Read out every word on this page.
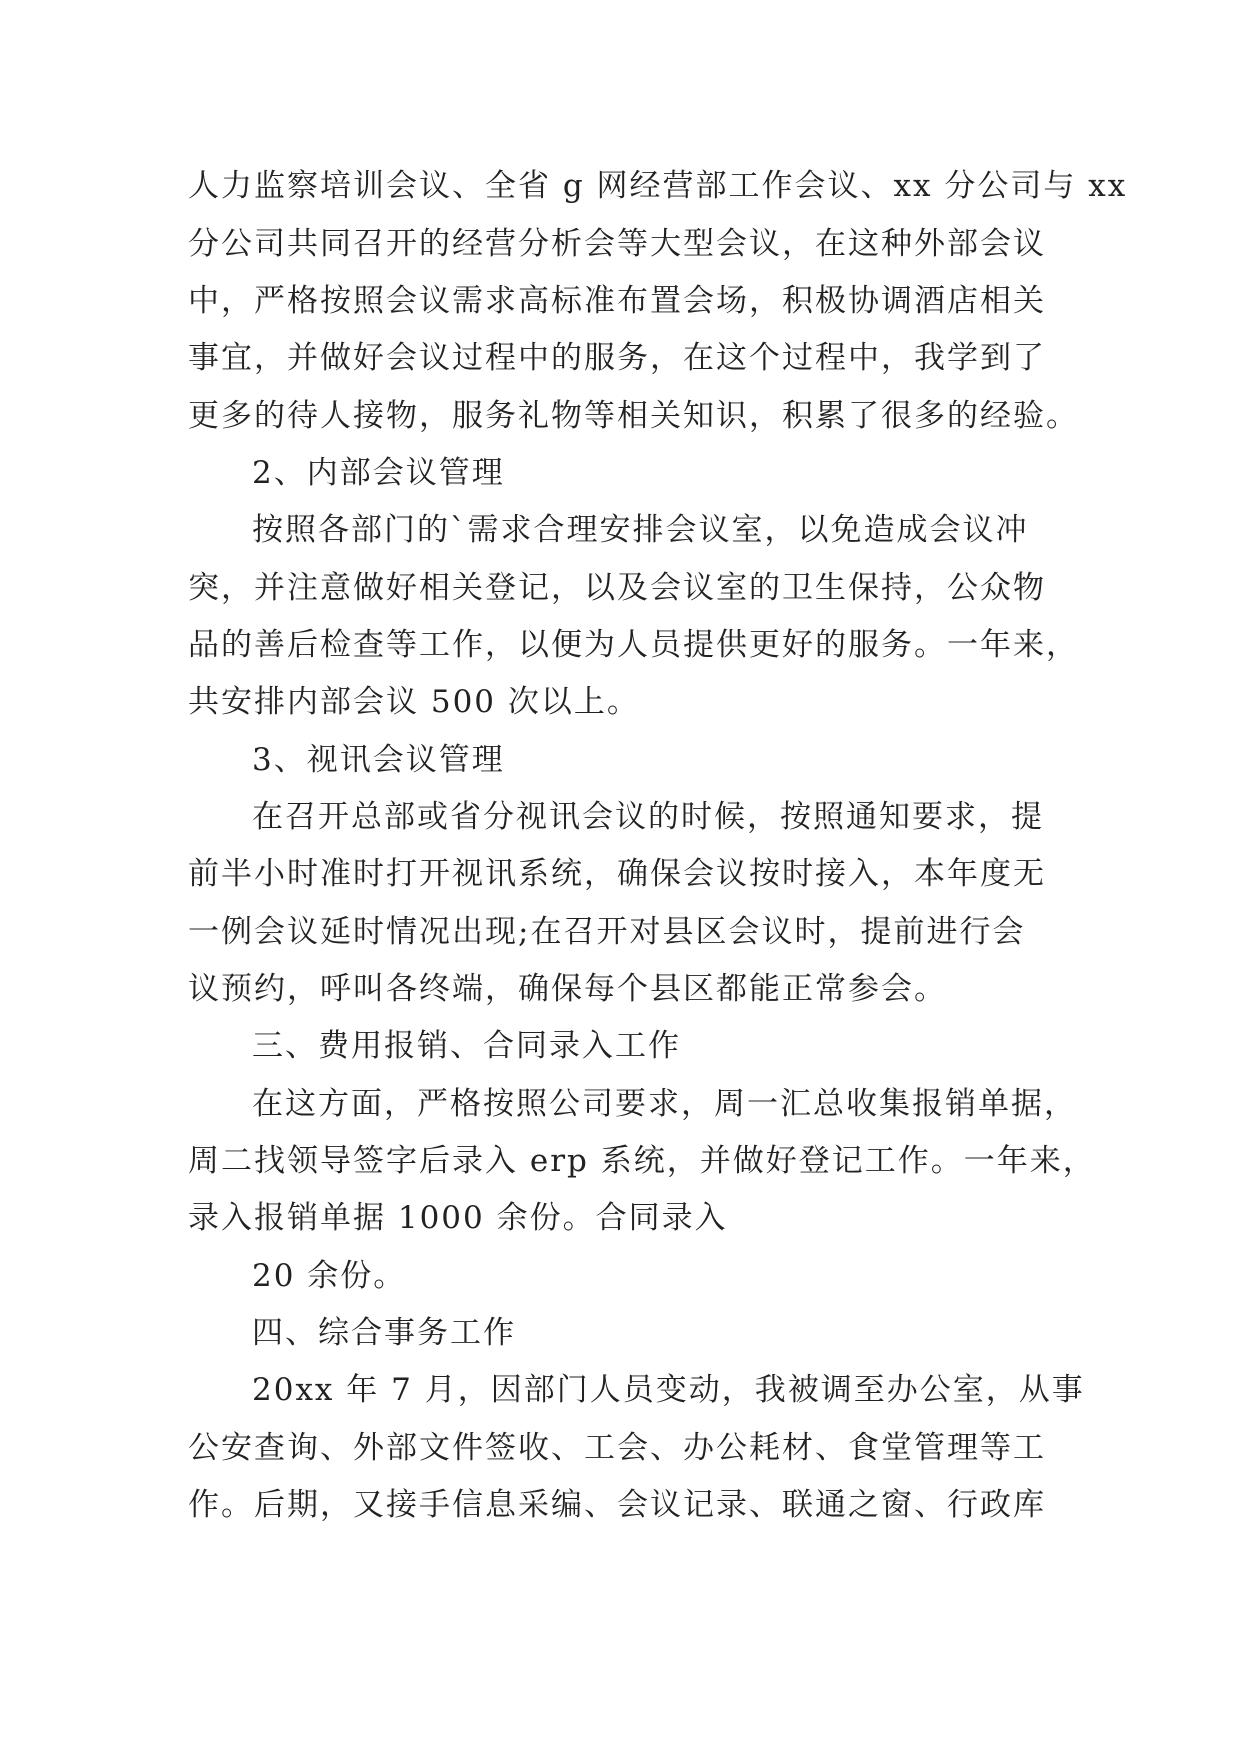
人力监察培训会议、全省 g 网经营部工作会议、xx 分公司与 xx
分公司共同召开的经营分析会等大型会议，在这种外部会议
中，严格按照会议需求高标准布置会场，积极协调酒店相关
事宜，并做好会议过程中的服务，在这个过程中，我学到了
更多的待人接物，服务礼物等相关知识，积累了很多的经验。
2、内部会议管理
按照各部门的`需求合理安排会议室，以免造成会议冲
突，并注意做好相关登记，以及会议室的卫生保持，公众物
品的善后检查等工作，以便为人员提供更好的服务。一年来，
共安排内部会议 500 次以上。
3、视讯会议管理
在召开总部或省分视讯会议的时候，按照通知要求，提
前半小时准时打开视讯系统，确保会议按时接入，本年度无
一例会议延时情况出现;在召开对县区会议时，提前进行会
议预约，呼叫各终端，确保每个县区都能正常参会。
三、费用报销、合同录入工作
在这方面，严格按照公司要求，周一汇总收集报销单据，
周二找领导签字后录入 erp 系统，并做好登记工作。一年来，
录入报销单据 1000 余份。合同录入
20 余份。
四、综合事务工作
20xx 年 7 月，因部门人员变动，我被调至办公室，从事
公安查询、外部文件签收、工会、办公耗材、食堂管理等工
作。后期，又接手信息采编、会议记录、联通之窗、行政库
